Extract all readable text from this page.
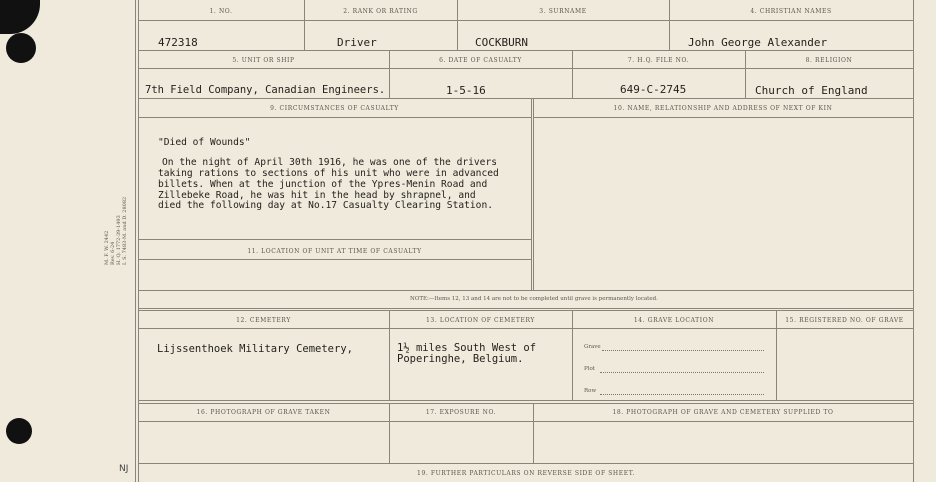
M. F. W. 2442 Rev. 6-24 H. Q. 1772-39-1493 I. S. 7483-M. and D. 28082
1. NO.	2. RANK OR RATING	3. SURNAME	4. CHRISTIAN NAMES
472318	Driver	COCKBURN	John George Alexander
5. UNIT OR SHIP	6. DATE OF CASUALTY	7. H.Q. FILE NO.	8. RELIGION
7th Field Company, Canadian Engineers.	1-5-16	649-C-2745	Church of England
9. CIRCUMSTANCES OF CASUALTY	10. NAME, RELATIONSHIP AND ADDRESS OF NEXT OF KIN
"Died of Wounds"
On the night of April 30th 1916, he was one of the drivers
taking rations to sections of his unit who were in advanced
billets. When at the junction of the Ypres-Menin Road and
Zillebeke Road, he was hit in the head by shrapnel, and
died the following day at No.17 Casualty Clearing Station.
11. LOCATION OF UNIT AT TIME OF CASUALTY
NOTE:—Items 12, 13 and 14 are not to be completed until grave is permanently located.
12. CEMETERY	13. LOCATION OF CEMETERY	14. GRAVE LOCATION	15. REGISTERED NO. OF GRAVE
Lijssenthoek Military Cemetery,	1½ miles South West of
Poperinghe, Belgium.
Grave
Plot
Row
16. PHOTOGRAPH OF GRAVE TAKEN	17. EXPOSURE NO.	18. PHOTOGRAPH OF GRAVE AND CEMETERY SUPPLIED TO
19. FURTHER PARTICULARS ON REVERSE SIDE OF SHEET.
NJ
